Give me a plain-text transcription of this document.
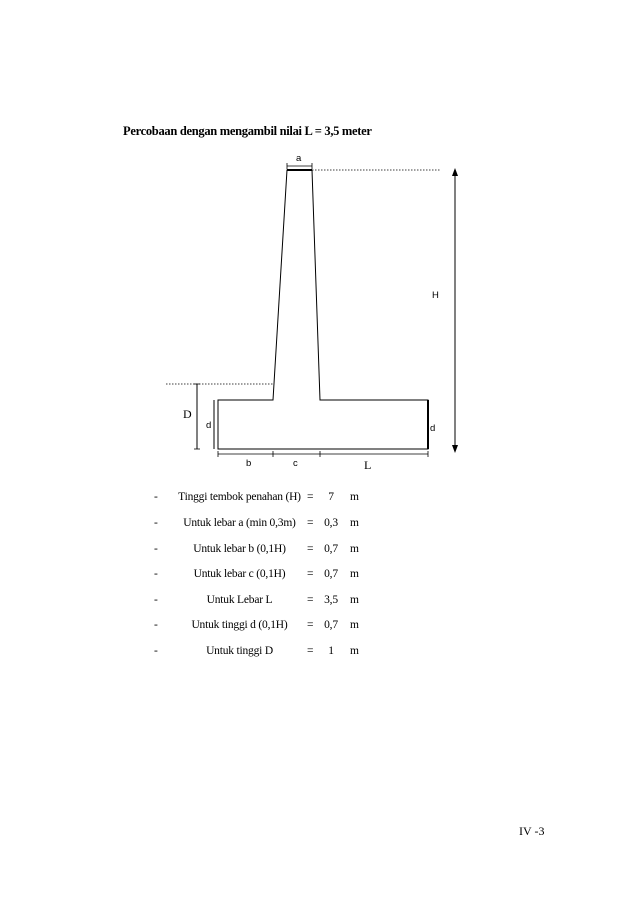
Percobaan dengan mengambil nilai L = 3,5 meter
a
H
D
d	d
b	c	L
-	Tinggi tembok penahan (H) =	7	m
-	Untuk lebar a (min 0,3m) = 0,3	m
-	Untuk lebar b (0,1H)	= 0,7	m
-	Untuk lebar c (0,1H)	= 0,7	m
-	Untuk Lebar L	= 3,5	m
-	Untuk tinggi d (0,1H)	= 0,7	m
-	Untuk tinggi D	=	1	m
IV -3
